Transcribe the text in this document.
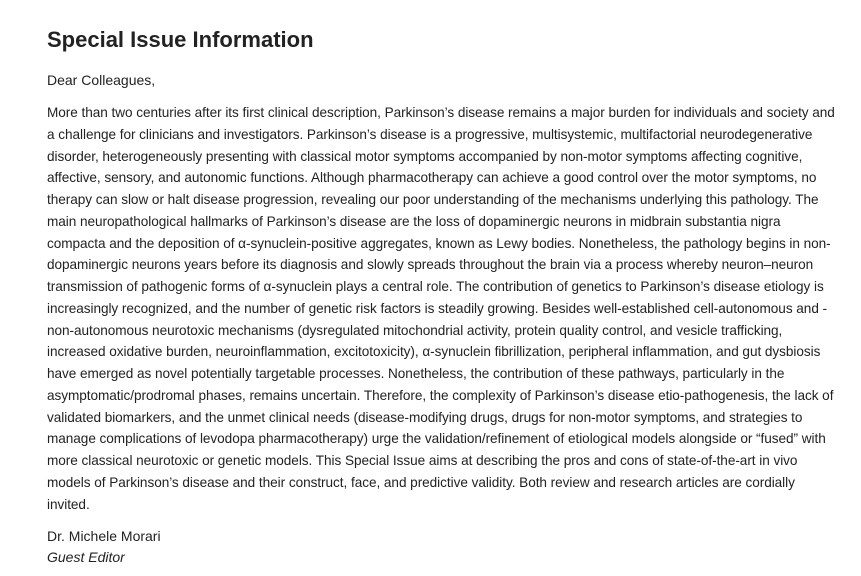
Special Issue Information

Dear Colleagues,

More than two centuries after its first clinical description, Parkinson’s disease remains a major burden for individuals and society and a challenge for clinicians and investigators. Parkinson’s disease is a progressive, multisystemic, multifactorial neurodegenerative disorder, heterogeneously presenting with classical motor symptoms accompanied by non-motor symptoms affecting cognitive, affective, sensory, and autonomic functions. Although pharmacotherapy can achieve a good control over the motor symptoms, no therapy can slow or halt disease progression, revealing our poor understanding of the mechanisms underlying this pathology. The main neuropathological hallmarks of Parkinson’s disease are the loss of dopaminergic neurons in midbrain substantia nigra compacta and the deposition of α-synuclein-positive aggregates, known as Lewy bodies. Nonetheless, the pathology begins in non-dopaminergic neurons years before its diagnosis and slowly spreads throughout the brain via a process whereby neuron–neuron transmission of pathogenic forms of α-synuclein plays a central role. The contribution of genetics to Parkinson’s disease etiology is increasingly recognized, and the number of genetic risk factors is steadily growing. Besides well-established cell-autonomous and -non-autonomous neurotoxic mechanisms (dysregulated mitochondrial activity, protein quality control, and vesicle trafficking, increased oxidative burden, neuroinflammation, excitotoxicity), α-synuclein fibrillization, peripheral inflammation, and gut dysbiosis have emerged as novel potentially targetable processes. Nonetheless, the contribution of these pathways, particularly in the asymptomatic/prodromal phases, remains uncertain. Therefore, the complexity of Parkinson’s disease etio-pathogenesis, the lack of validated biomarkers, and the unmet clinical needs (disease-modifying drugs, drugs for non-motor symptoms, and strategies to manage complications of levodopa pharmacotherapy) urge the validation/refinement of etiological models alongside or “fused” with more classical neurotoxic or genetic models. This Special Issue aims at describing the pros and cons of state-of-the-art in vivo models of Parkinson’s disease and their construct, face, and predictive validity. Both review and research articles are cordially invited.

Dr. Michele Morari

Guest Editor
